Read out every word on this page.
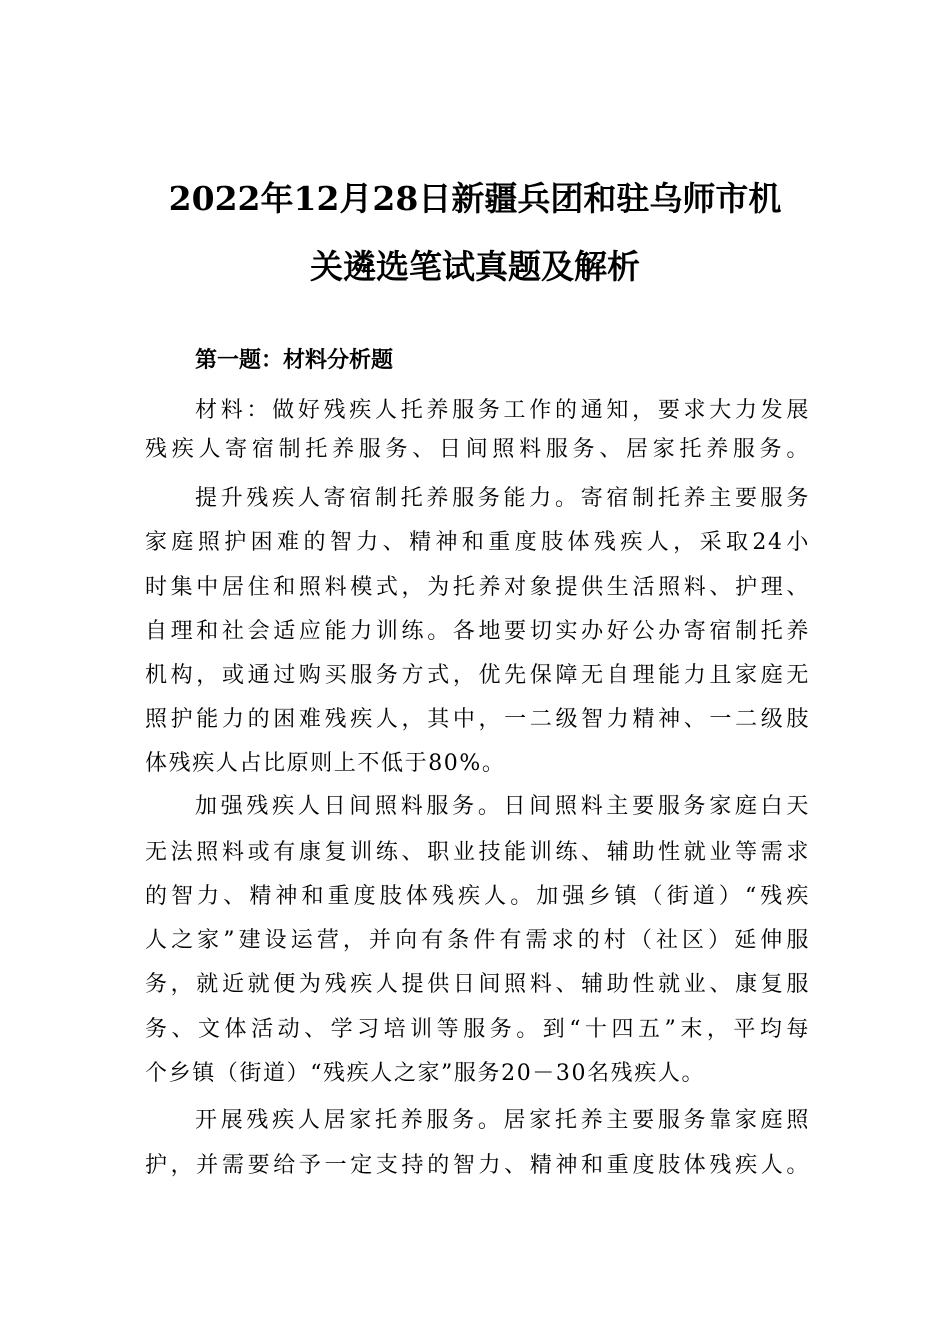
2022年12月28日新疆兵团和驻乌师市机
关遴选笔试真题及解析
第一题：材料分析题
材料：做好残疾人托养服务工作的通知，要求大力发展
残疾人寄宿制托养服务、日间照料服务、居家托养服务。
提升残疾人寄宿制托养服务能力。寄宿制托养主要服务
家庭照护困难的智力、精神和重度肢体残疾人，采取24小
时集中居住和照料模式，为托养对象提供生活照料、护理、
自理和社会适应能力训练。各地要切实办好公办寄宿制托养
机构，或通过购买服务方式，优先保障无自理能力且家庭无
照护能力的困难残疾人，其中，一二级智力精神、一二级肢
体残疾人占比原则上不低于80%。
加强残疾人日间照料服务。日间照料主要服务家庭白天
无法照料或有康复训练、职业技能训练、辅助性就业等需求
的智力、精神和重度肢体残疾人。加强乡镇（街道）“残疾
人之家”建设运营，并向有条件有需求的村（社区）延伸服
务，就近就便为残疾人提供日间照料、辅助性就业、康复服
务、文体活动、学习培训等服务。到“十四五”末，平均每
个乡镇（街道）“残疾人之家”服务20－30名残疾人。
开展残疾人居家托养服务。居家托养主要服务靠家庭照
护，并需要给予一定支持的智力、精神和重度肢体残疾人。
